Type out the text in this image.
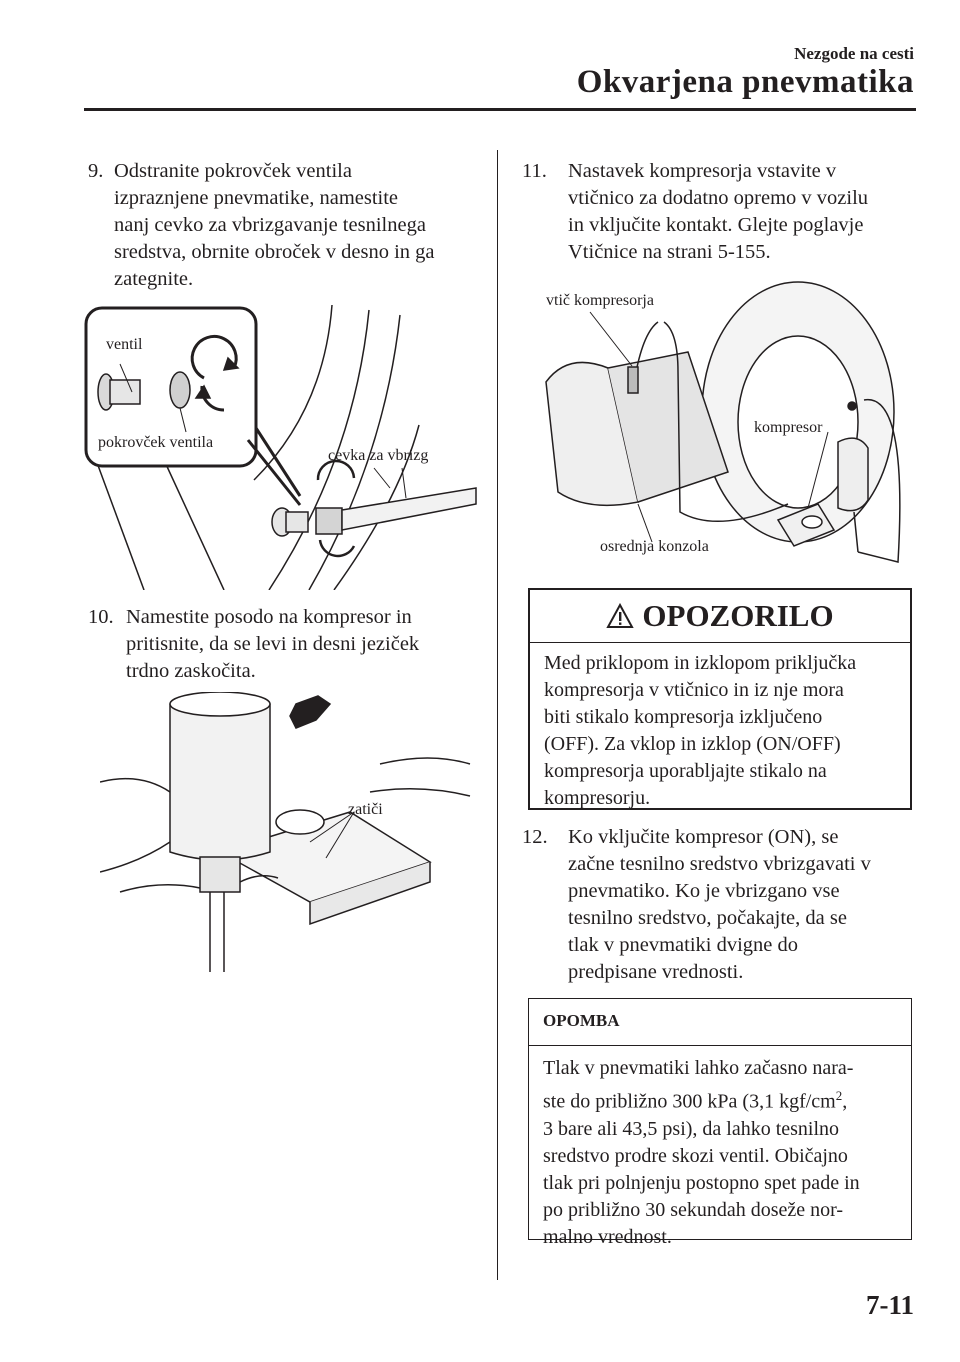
Nezgode na cesti
Okvarjena pnevmatika
9. Odstranite pokrovček ventila
izpraznjene pnevmatike, namestite
nanj cevko za vbrizgavanje tesnilnega
sredstva, obrnite obroček v desno in ga
zategnite.
ventil
pokrovček ventila
cevka za vbrizg
10. Namestite posodo na kompresor in
pritisnite, da se levi in desni jeziček
trdno zaskočita.
zatiči
11. Nastavek kompresorja vstavite v
vtičnico za dodatno opremo v vozilu
in vključite kontakt. Glejte poglavje
Vtičnice na strani 5-155.
vtič kompresorja
kompresor
osrednja konzola
OPOZORILO
Med priklopom in izklopom priključka
kompresorja v vtičnico in iz nje mora
biti stikalo kompresorja izključeno
(OFF). Za vklop in izklop (ON/OFF)
kompresorja uporabljajte stikalo na
kompresorju.
12. Ko vključite kompresor (ON), se
začne tesnilno sredstvo vbrizgavati v
pnevmatiko. Ko je vbrizgano vse
tesnilno sredstvo, počakajte, da se
tlak v pnevmatiki dvigne do
predpisane vrednosti.
OPOMBA
Tlak v pnevmatiki lahko začasno nara-
ste do približno 300 kPa (3,1 kgf/$cm^2$,
3 bare ali 43,5 psi), da lahko tesnilno
sredstvo prodre skozi ventil. Običajno
tlak pri polnjenju postopno spet pade in
po približno 30 sekundah doseže nor-
malno vrednost.
7-11
